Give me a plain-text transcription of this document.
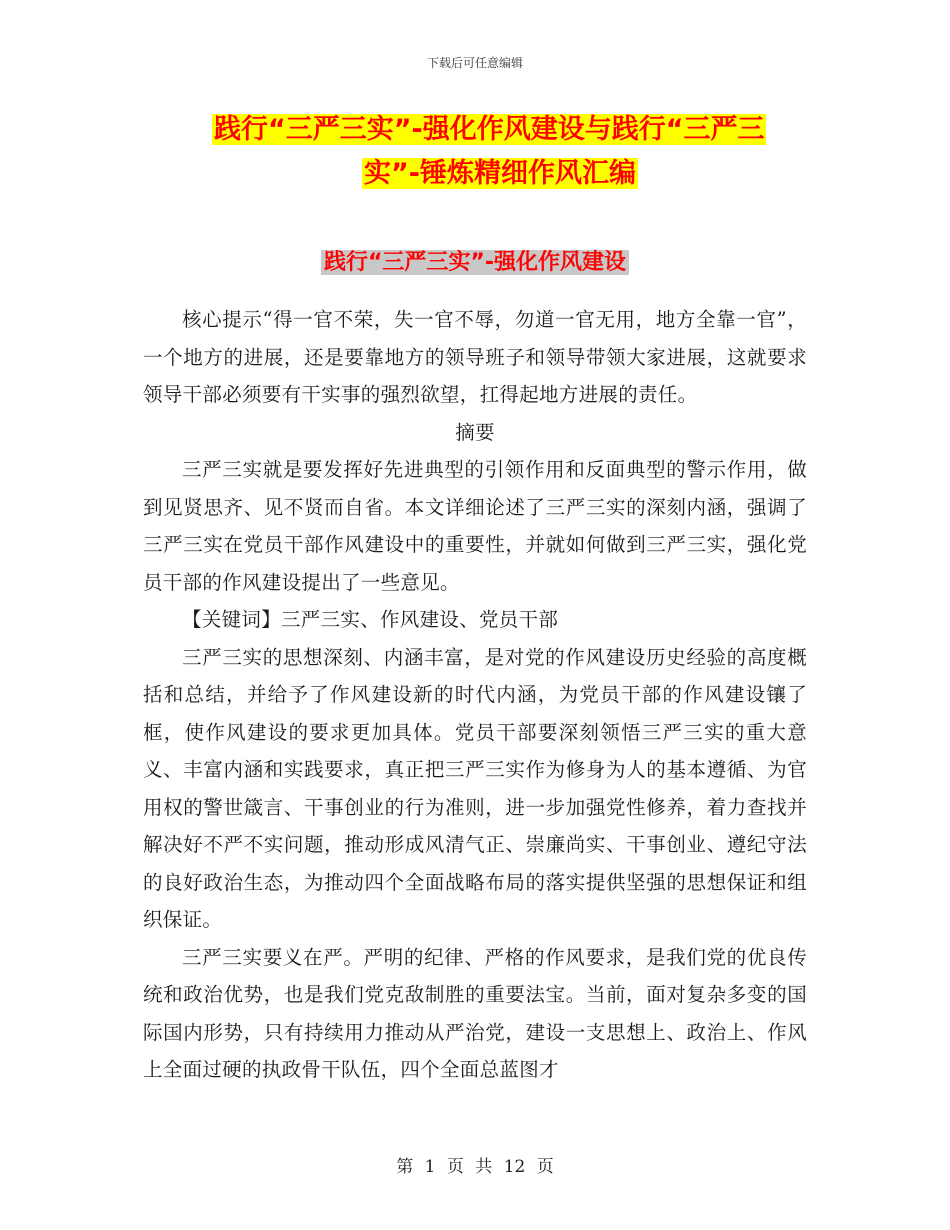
下载后可任意编辑
践行“三严三实”-强化作风建设与践行“三严三
实”-锤炼精细作风汇编
践行“三严三实”-强化作风建设

核心提示“得一官不荣，失一官不辱，勿道一官无用，地方全靠一官”，一个地方的进展，还是要靠地方的领导班子和领导带领大家进展，这就要求领导干部必须要有干实事的强烈欲望，扛得起地方进展的责任。

摘要

三严三实就是要发挥好先进典型的引领作用和反面典型的警示作用，做到见贤思齐、见不贤而自省。本文详细论述了三严三实的深刻内涵，强调了三严三实在党员干部作风建设中的重要性，并就如何做到三严三实，强化党员干部的作风建设提出了一些意见。

【关键词】三严三实、作风建设、党员干部

三严三实的思想深刻、内涵丰富，是对党的作风建设历史经验的高度概括和总结，并给予了作风建设新的时代内涵，为党员干部的作风建设镶了框，使作风建设的要求更加具体。党员干部要深刻领悟三严三实的重大意义、丰富内涵和实践要求，真正把三严三实作为修身为人的基本遵循、为官用权的警世箴言、干事创业的行为准则，进一步加强党性修养，着力查找并解决好不严不实问题，推动形成风清气正、崇廉尚实、干事创业、遵纪守法的良好政治生态，为推动四个全面战略布局的落实提供坚强的思想保证和组织保证。

三严三实要义在严。严明的纪律、严格的作风要求，是我们党的优良传统和政治优势，也是我们党克敌制胜的重要法宝。当前，面对复杂多变的国际国内形势，只有持续用力推动从严治党，建设一支思想上、政治上、作风上全面过硬的执政骨干队伍，四个全面总蓝图才

第 1 页 共 12 页
